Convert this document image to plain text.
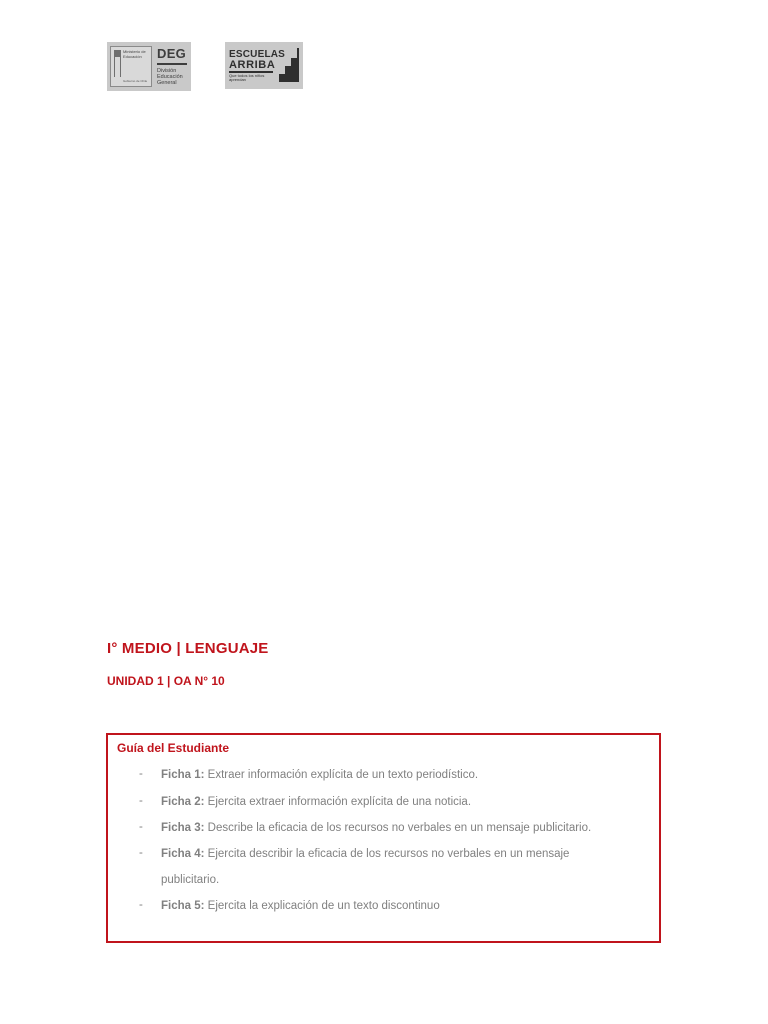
Ministerio de Educación
Gobierno de Chile
DEG
División
Educación
General
ESCUELAS
ARRIBA
Que todos los niños aprendan
I° MEDIO | LENGUAJE
UNIDAD 1 | OA N° 10
Guía del Estudiante
- Ficha 1: Extraer información explícita de un texto periodístico.
- Ficha 2: Ejercita extraer información explícita de una noticia.
- Ficha 3: Describe la eficacia de los recursos no verbales en un mensaje publicitario.
- Ficha 4: Ejercita describir la eficacia de los recursos no verbales en un mensaje publicitario.
- Ficha 5: Ejercita la explicación de un texto discontinuo
